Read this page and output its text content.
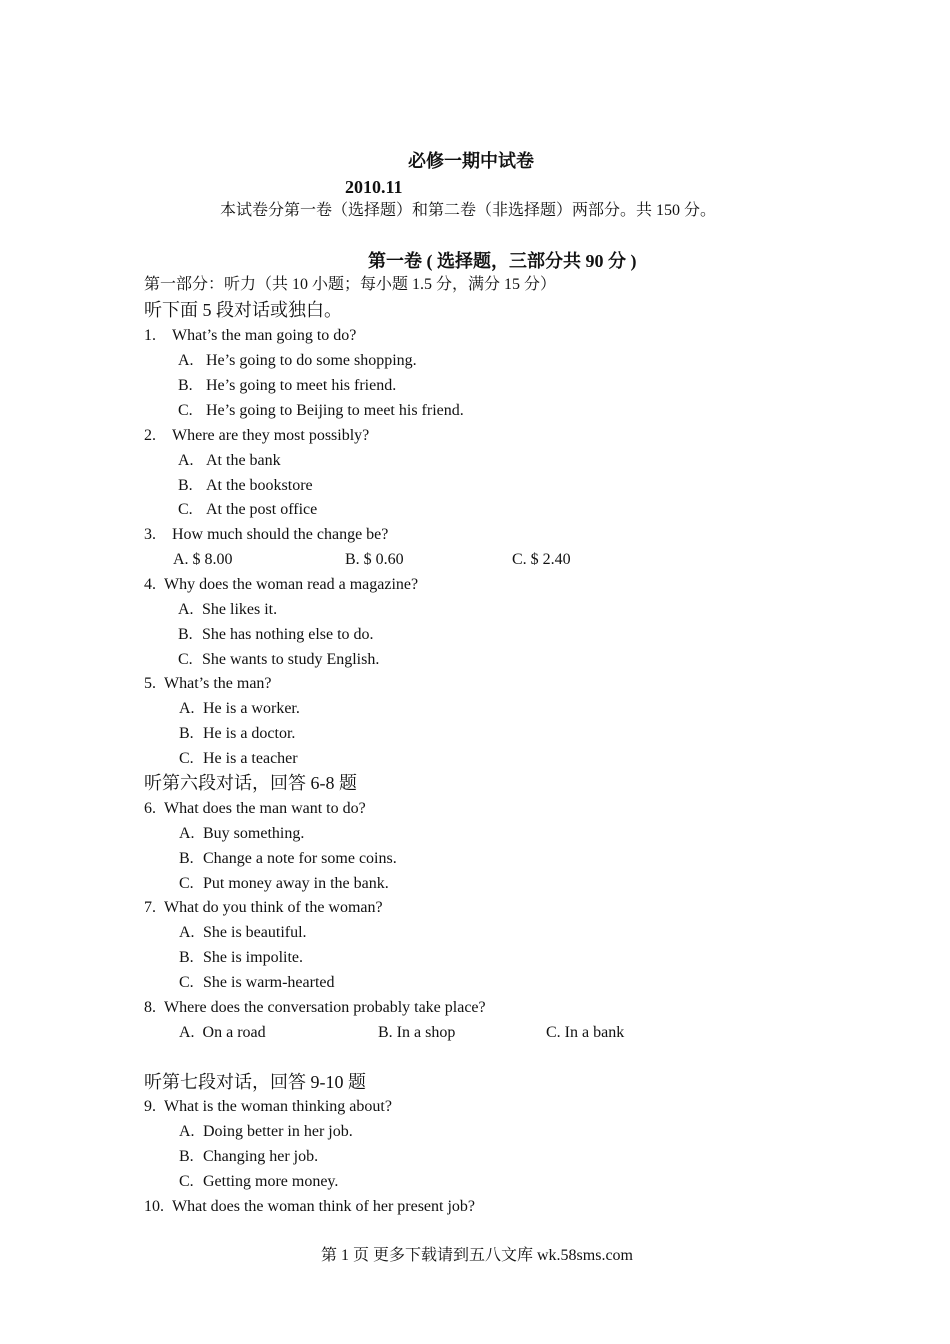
必修一期中试卷
2010.11
本试卷分第一卷（选择题）和第二卷（非选择题）两部分。共 150 分。
第一卷 ( 选择题，三部分共 90 分 )
第一部分：听力（共 10 小题；每小题 1.5 分，满分 15 分）
听下面 5 段对话或独白。
1. What’s the man going to do?
A. He’s going to do some shopping.
B. He’s going to meet his friend.
C. He’s going to Beijing to meet his friend.
2. Where are they most possibly?
A. At the bank
B. At the bookstore
C. At the post office
3. How much should the change be?
A. $ 8.00	B. $ 0.60	C. $ 2.40
4. Why does the woman read a magazine?
A. She likes it.
B. She has nothing else to do.
C. She wants to study English.
5. What’s the man?
A. He is a worker.
B. He is a doctor.
C. He is a teacher
听第六段对话，回答 6-8 题
6. What does the man want to do?
A. Buy something.
B. Change a note for some coins.
C. Put money away in the bank.
7. What do you think of the woman?
A. She is beautiful.
B. She is impolite.
C. She is warm-hearted
8. Where does the conversation probably take place?
A.  On a road	B. In a shop	C. In a bank
听第七段对话，回答 9-10 题
9. What is the woman thinking about?
A. Doing better in her job.
B. Changing her job.
C. Getting more money.
10. What does the woman think of her present job?
第 1 页 更多下载请到五八文库 wk.58sms.com
